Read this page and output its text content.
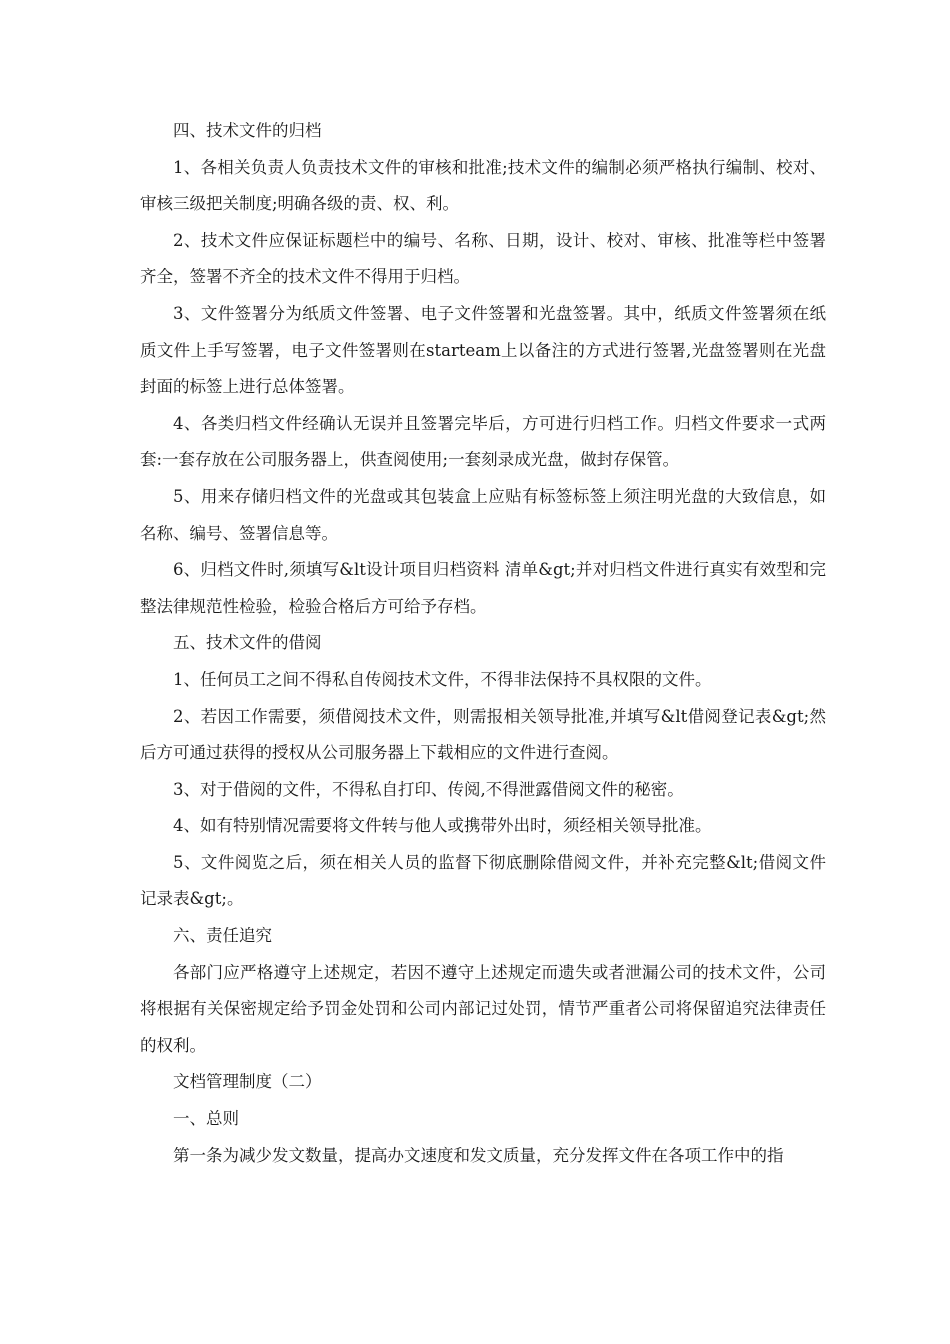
四、技术文件的归档

1、各相关负责人负责技术文件的审核和批准;技术文件的编制必须严格执行编制、校对、审核三级把关制度;明确各级的责、权、利。

2、技术文件应保证标题栏中的编号、名称、日期，设计、校对、审核、批准等栏中签署齐全，签署不齐全的技术文件不得用于归档。

3、文件签署分为纸质文件签署、电子文件签署和光盘签署。其中，纸质文件签署须在纸质文件上手写签署，电子文件签署则在starteam上以备注的方式进行签署,光盘签署则在光盘封面的标签上进行总体签署。

4、各类归档文件经确认无误并且签署完毕后，方可进行归档工作。归档文件要求一式两套:一套存放在公司服务器上，供查阅使用;一套刻录成光盘，做封存保管。

5、用来存储归档文件的光盘或其包装盒上应贴有标签标签上须注明光盘的大致信息，如名称、编号、签署信息等。

6、归档文件时,须填写&lt设计项目归档资料 清单&gt;并对归档文件进行真实有效型和完整法律规范性检验，检验合格后方可给予存档。

五、技术文件的借阅

1、任何员工之间不得私自传阅技术文件，不得非法保持不具权限的文件。

2、若因工作需要，须借阅技术文件，则需报相关领导批准,并填写&lt借阅登记表&gt;然后方可通过获得的授权从公司服务器上下载相应的文件进行查阅。

3、对于借阅的文件，不得私自打印、传阅,不得泄露借阅文件的秘密。

4、如有特别情况需要将文件转与他人或携带外出时，须经相关领导批准。

5、文件阅览之后，须在相关人员的监督下彻底删除借阅文件，并补充完整&lt;借阅文件记录表&gt;。

六、责任追究

各部门应严格遵守上述规定，若因不遵守上述规定而遗失或者泄漏公司的技术文件，公司将根据有关保密规定给予罚金处罚和公司内部记过处罚，情节严重者公司将保留追究法律责任的权利。

文档管理制度（二）

一、总则

第一条为减少发文数量，提高办文速度和发文质量，充分发挥文件在各项工作中的指
